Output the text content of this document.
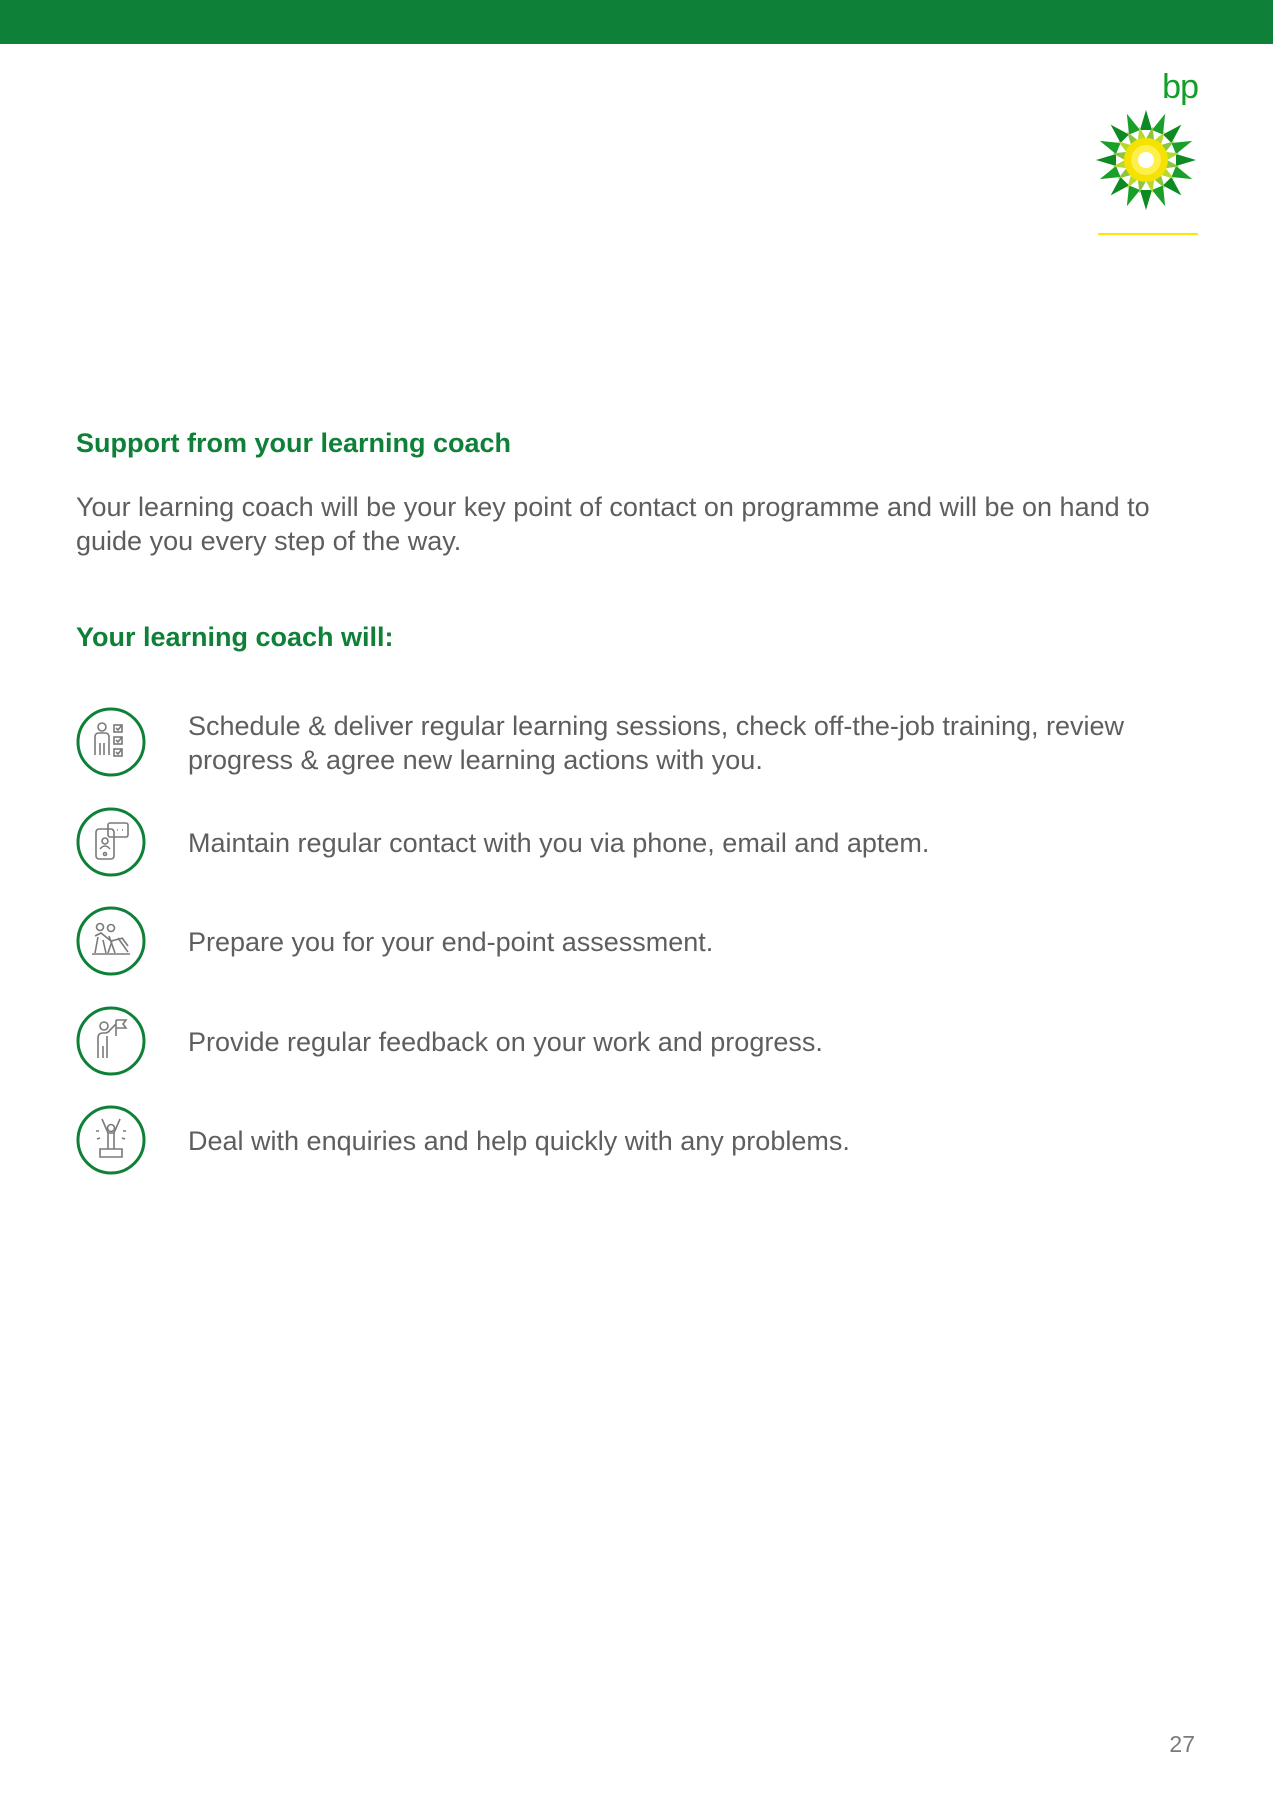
bp
Support from your learning coach

Your learning coach will be your key point of contact on programme and will be on hand to guide you every step of the way.

Your learning coach will:

Schedule & deliver regular learning sessions, check off-the-job training, review progress & agree new learning actions with you.

Maintain regular contact with you via phone, email and aptem.

Prepare you for your end-point assessment.

Provide regular feedback on your work and progress.

Deal with enquiries and help quickly with any problems.

27
